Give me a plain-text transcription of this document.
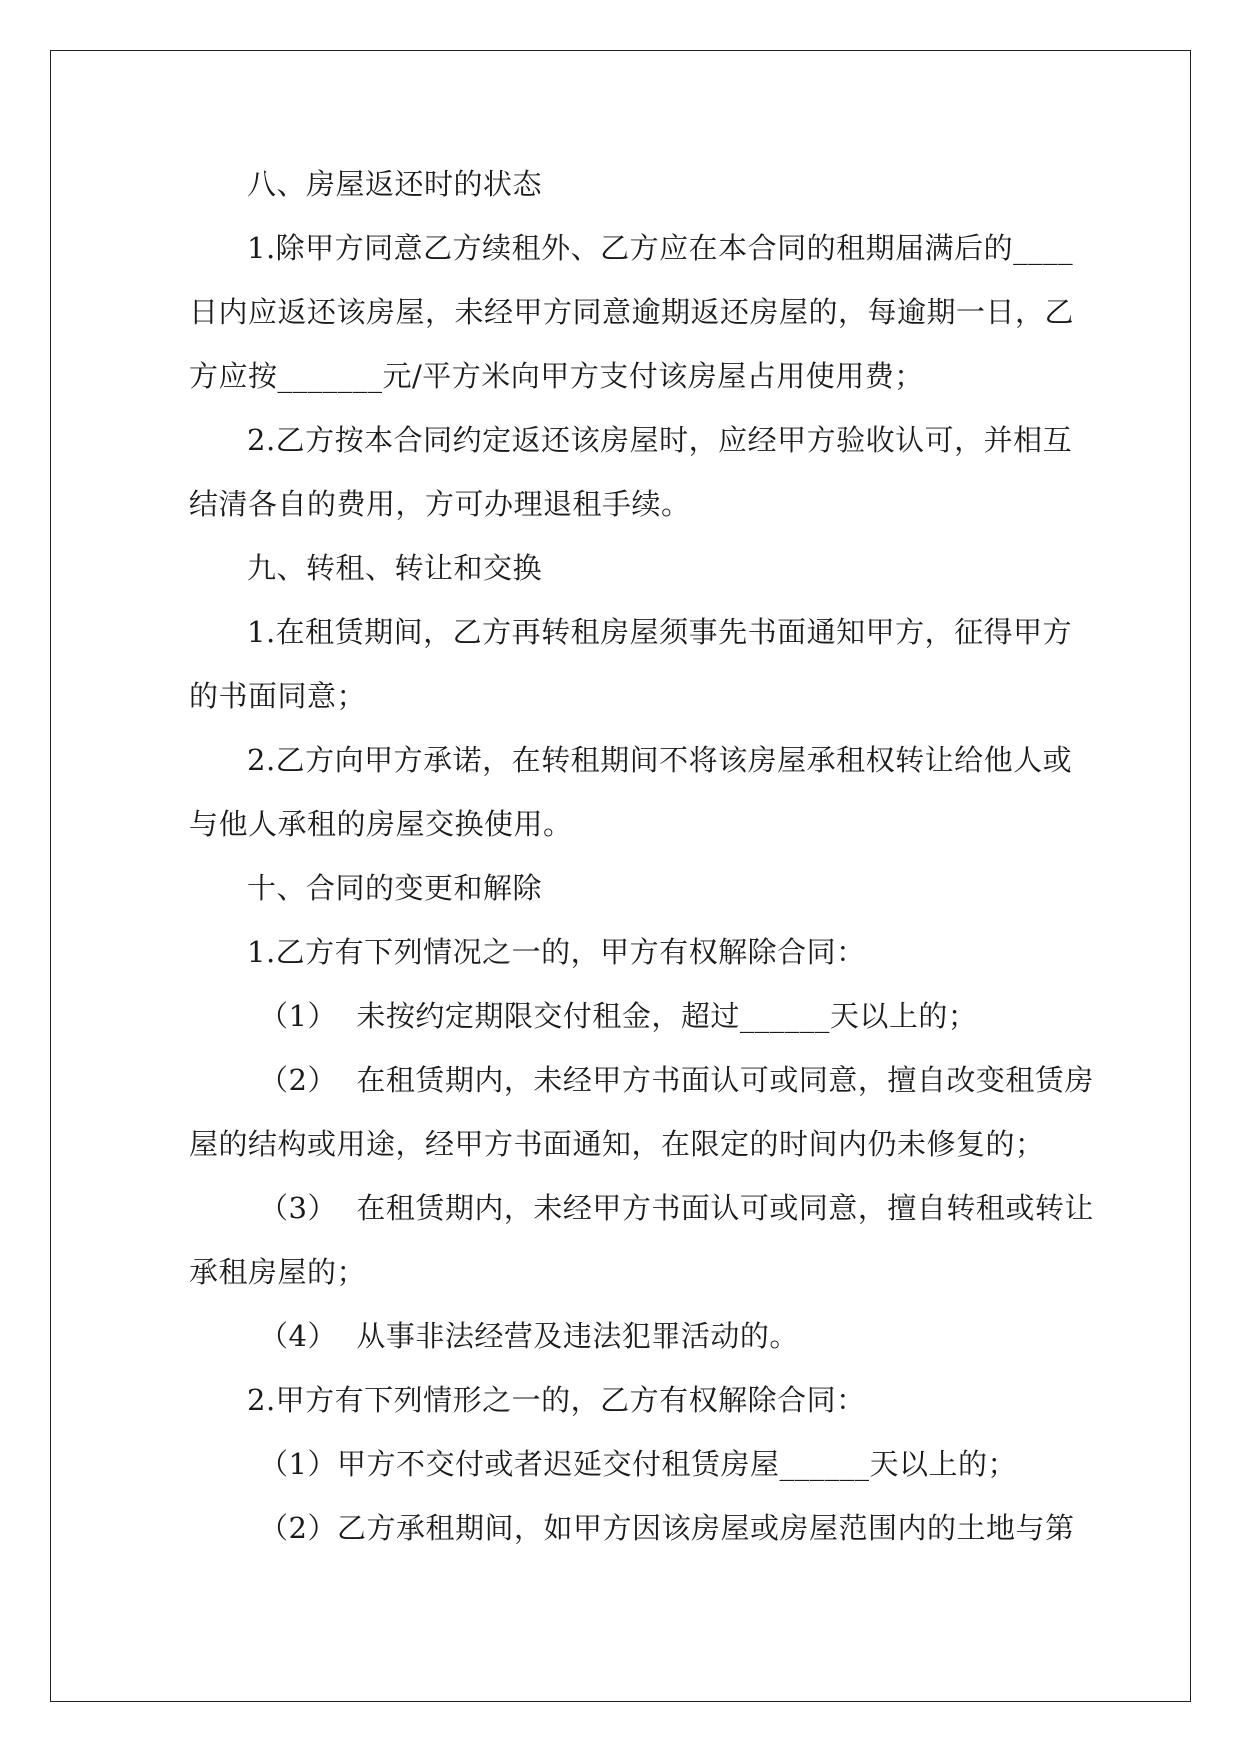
八、房屋返还时的状态
1.除甲方同意乙方续租外、乙方应在本合同的租期届满后的____
日内应返还该房屋，未经甲方同意逾期返还房屋的，每逾期一日，乙
方应按_______元/平方米向甲方支付该房屋占用使用费；
2.乙方按本合同约定返还该房屋时，应经甲方验收认可，并相互
结清各自的费用，方可办理退租手续。
九、转租、转让和交换
1.在租赁期间，乙方再转租房屋须事先书面通知甲方，征得甲方
的书面同意；
2.乙方向甲方承诺，在转租期间不将该房屋承租权转让给他人或
与他人承租的房屋交换使用。
十、合同的变更和解除
1.乙方有下列情况之一的，甲方有权解除合同：
（1）  未按约定期限交付租金，超过______天以上的；
（2）  在租赁期内，未经甲方书面认可或同意，擅自改变租赁房
屋的结构或用途，经甲方书面通知，在限定的时间内仍未修复的；
（3）  在租赁期内，未经甲方书面认可或同意，擅自转租或转让
承租房屋的；
（4）  从事非法经营及违法犯罪活动的。
2.甲方有下列情形之一的，乙方有权解除合同：
（1）甲方不交付或者迟延交付租赁房屋______天以上的；
（2）乙方承租期间，如甲方因该房屋或房屋范围内的土地与第
